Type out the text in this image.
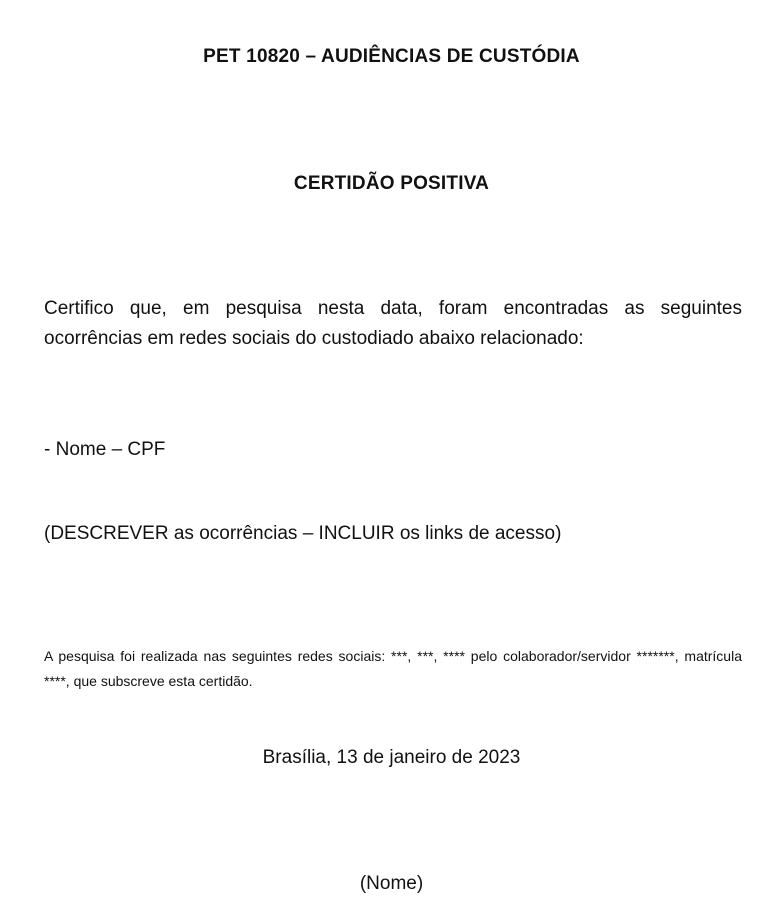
PET 10820 – AUDIÊNCIAS DE CUSTÓDIA
CERTIDÃO POSITIVA
Certifico que, em pesquisa nesta data, foram encontradas as seguintes ocorrências em redes sociais do custodiado abaixo relacionado:
- Nome – CPF
(DESCREVER as ocorrências – INCLUIR os links de acesso)
A pesquisa foi realizada nas seguintes redes sociais: ***, ***, **** pelo colaborador/servidor *******, matrícula ****, que subscreve esta certidão.
Brasília, 13 de janeiro de 2023
(Nome)
